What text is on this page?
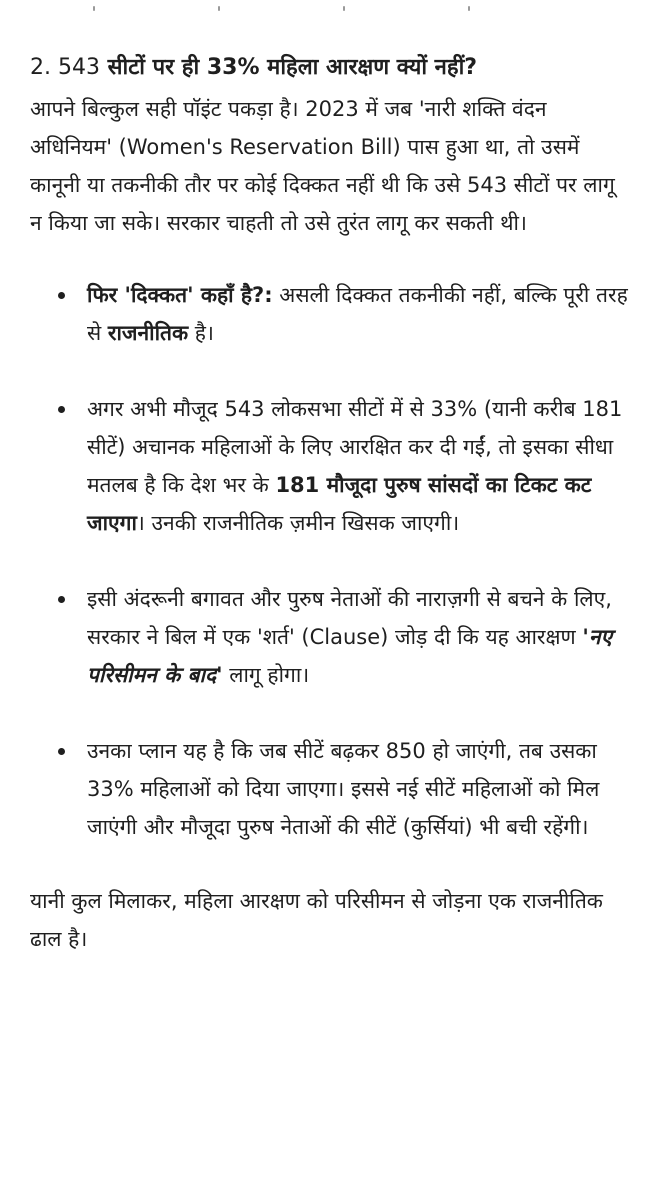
2. 543 सीटों पर ही 33% महिला आरक्षण क्यों नहीं?

आपने बिल्कुल सही पॉइंट पकड़ा है। 2023 में जब 'नारी शक्ति वंदन अधिनियम' (Women's Reservation Bill) पास हुआ था, तो उसमें कानूनी या तकनीकी तौर पर कोई दिक्कत नहीं थी कि उसे 543 सीटों पर लागू न किया जा सके। सरकार चाहती तो उसे तुरंत लागू कर सकती थी।

फिर 'दिक्कत' कहाँ है?: असली दिक्कत तकनीकी नहीं, बल्कि पूरी तरह से राजनीतिक है।
अगर अभी मौजूद 543 लोकसभा सीटों में से 33% (यानी करीब 181 सीटें) अचानक महिलाओं के लिए आरक्षित कर दी गईं, तो इसका सीधा मतलब है कि देश भर के 181 मौजूदा पुरुष सांसदों का टिकट कट जाएगा। उनकी राजनीतिक ज़मीन खिसक जाएगी।
इसी अंदरूनी बगावत और पुरुष नेताओं की नाराज़गी से बचने के लिए, सरकार ने बिल में एक 'शर्त' (Clause) जोड़ दी कि यह आरक्षण 'नए परिसीमन के बाद' लागू होगा।
उनका प्लान यह है कि जब सीटें बढ़कर 850 हो जाएंगी, तब उसका 33% महिलाओं को दिया जाएगा। इससे नई सीटें महिलाओं को मिल जाएंगी और मौजूदा पुरुष नेताओं की सीटें (कुर्सियां) भी बची रहेंगी।

यानी कुल मिलाकर, महिला आरक्षण को परिसीमन से जोड़ना एक राजनीतिक ढाल है।
